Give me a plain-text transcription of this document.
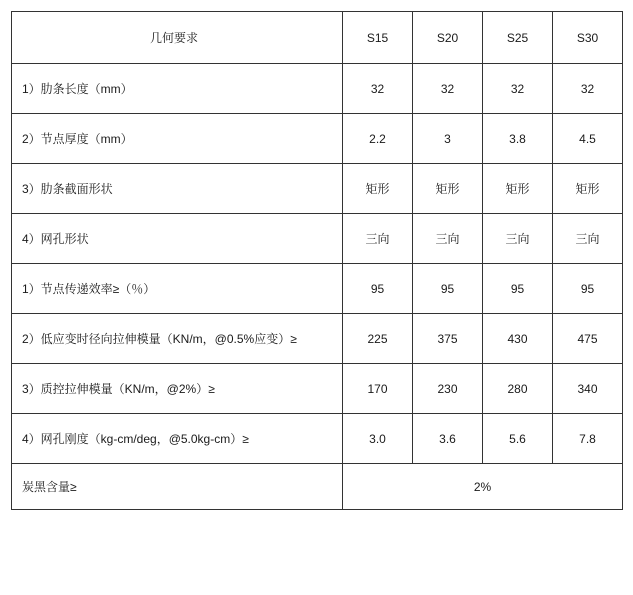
几何要求	S15	S20	S25	S30
1）肋条长度（mm）	32	32	32	32
2）节点厚度（mm）	2.2	3	3.8	4.5
3）肋条截面形状	矩形	矩形	矩形	矩形
4）网孔形状	三向	三向	三向	三向
1）节点传递效率≥（％）	95	95	95	95
2）低应变时径向拉伸模量（KN/m，@0.5%应变）≥	225	375	430	475
3）质控拉伸模量（KN/m，@2%）≥	170	230	280	340
4）网孔刚度（kg-cm/deg，@5.0kg-cm）≥	3.0	3.6	5.6	7.8
炭黑含量≥	2%			
